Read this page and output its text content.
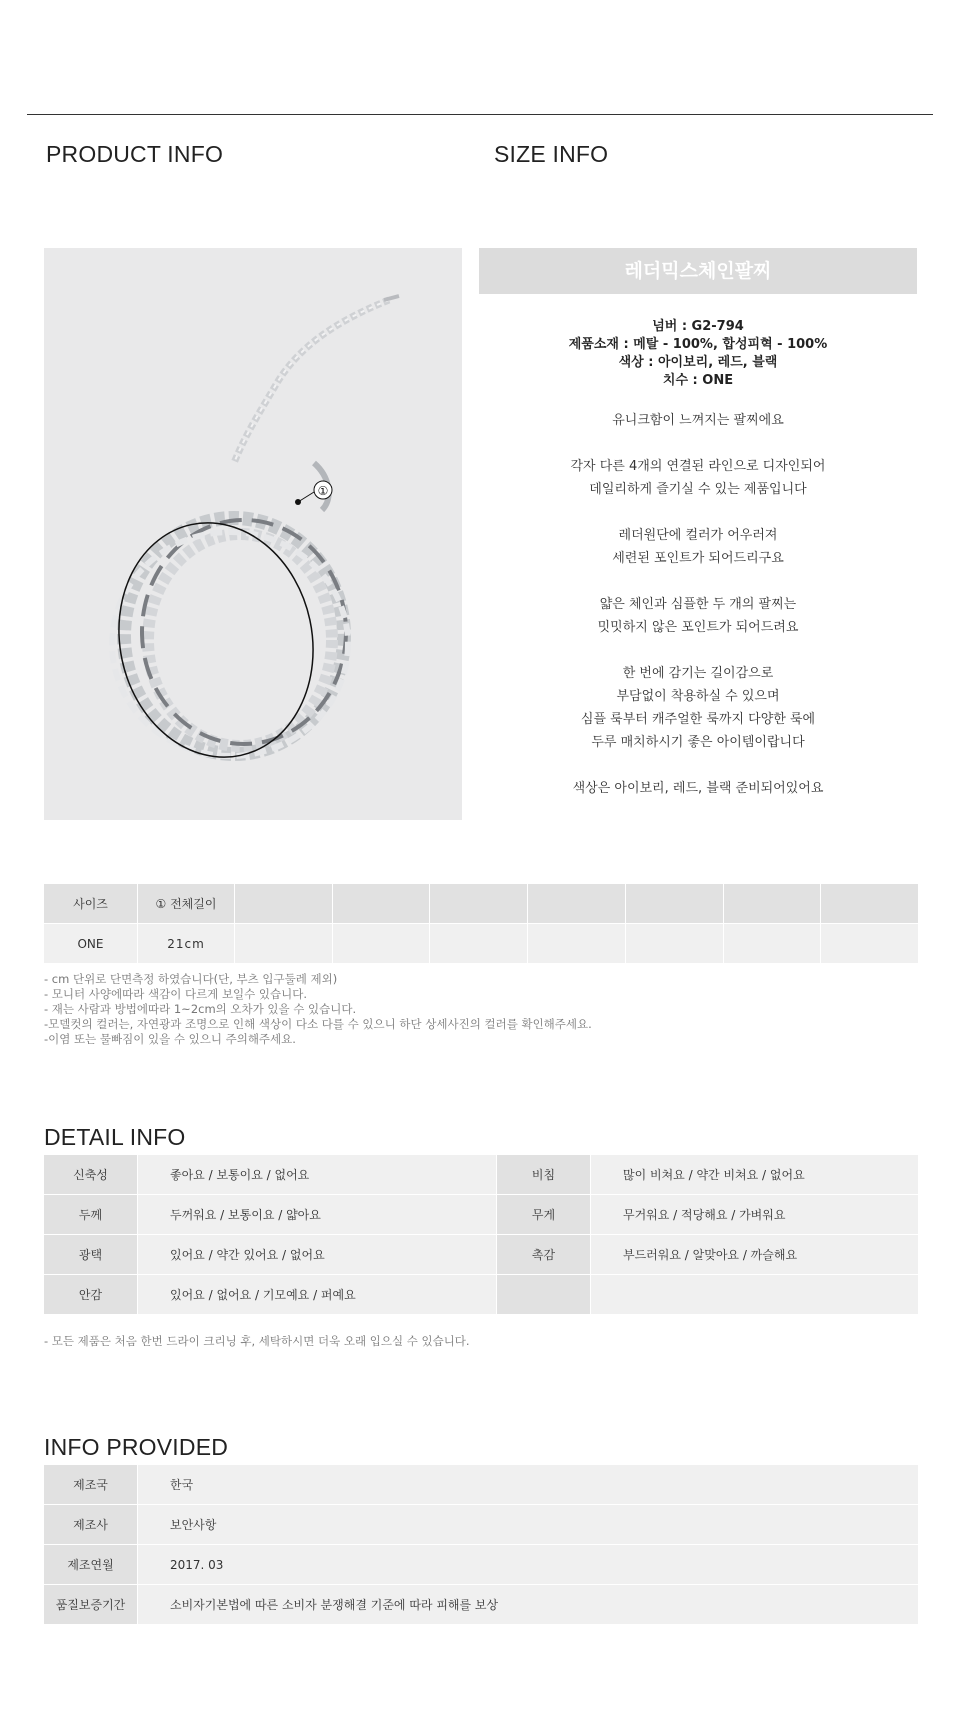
PRODUCT INFO	SIZE INFO
①
레더믹스체인팔찌
넘버 : G2-794
제품소재 : 메탈 - 100%, 합성피혁 - 100%
색상 : 아이보리, 레드, 블랙
치수 : ONE

유니크함이 느껴지는 팔찌에요

각자 다른 4개의 연결된 라인으로 디자인되어
데일리하게 즐기실 수 있는 제품입니다

레더원단에 컬러가 어우러져
세련된 포인트가 되어드리구요

얇은 체인과 심플한 두 개의 팔찌는
밋밋하지 않은 포인트가 되어드려요

한 번에 감기는 길이감으로
부담없이 착용하실 수 있으며
심플 룩부터 캐주얼한 룩까지 다양한 룩에
두루 매치하시기 좋은 아이템이랍니다

색상은 아이보리, 레드, 블랙 준비되어있어요

사이즈	① 전체길이							
ONE	21cm							
- cm 단위로 단면측정 하였습니다(단, 부츠 입구둘레 제외)
- 모니터 사양에따라 색감이 다르게 보일수 있습니다.
- 재는 사람과 방법에따라 1~2cm의 오차가 있을 수 있습니다.
-모델컷의 컬러는, 자연광과 조명으로 인해 색상이 다소 다를 수 있으니 하단 상세사진의 컬러를 확인해주세요.
-이염 또는 물빠짐이 있을 수 있으니 주의해주세요.
DETAIL INFO
신축성	좋아요 / 보통이요 / 없어요	비침	많이 비쳐요 / 약간 비쳐요 / 없어요
두께	두꺼워요 / 보통이요 / 얇아요	무게	무거워요 / 적당해요 / 가벼워요
광택	있어요 / 약간 있어요 / 없어요	촉감	부드러워요 / 알맞아요 / 까슬해요
안감	있어요 / 없어요 / 기모예요 / 퍼예요		
- 모든 제품은 처음 한번 드라이 크리닝 후, 세탁하시면 더욱 오래 입으실 수 있습니다.
INFO PROVIDED
제조국	한국
제조사	보안사항
제조연월	2017. 03
품질보증기간	소비자기본법에 따른 소비자 분쟁해결 기준에 따라 피해를 보상
